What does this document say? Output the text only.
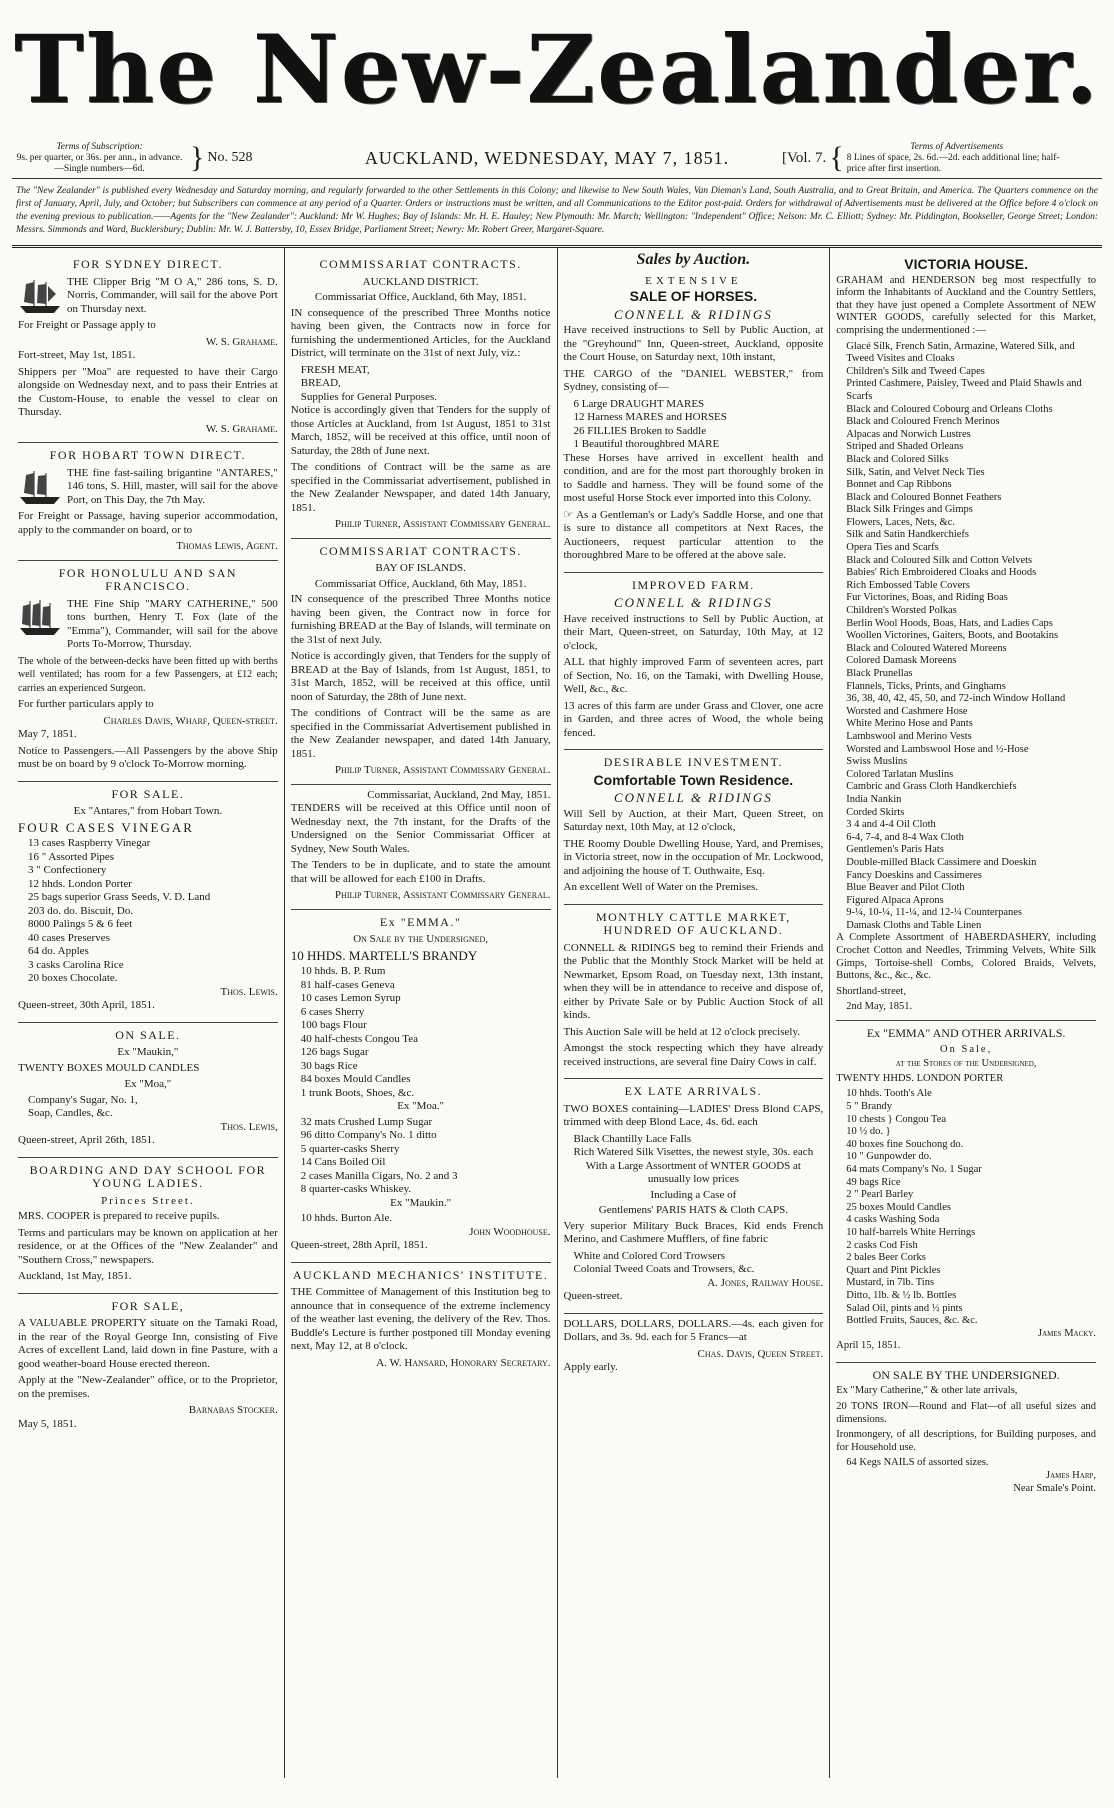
The New-Zealander.
Terms of Subscription:
9s. per quarter, or 36s. per ann., in advance.—Single numbers—6d.	} No. 528	AUCKLAND, WEDNESDAY, MAY 7, 1851.	[Vol. 7. {	Terms of Advertisements
8 Lines of space, 2s. 6d.—2d. each additional line; half-price after first insertion.
The "New Zealander" is published every Wednesday and Saturday morning, and regularly forwarded to the other Settlements in this Colony; and likewise to New South Wales, Van Dieman's Land, South Australia, and to Great Britain, and America. The Quarters commence on the first of January, April, July, and October; but Subscribers can commence at any period of a Quarter. Orders or instructions must be written, and all Communications to the Editor post-paid. Orders for withdrawal of Advertisements must be delivered at the Office before 4 o'clock on the evening previous to publication.——Agents for the "New Zealander": Auckland: Mr W. Hughes; Bay of Islands: Mr. H. E. Hauley; New Plymouth: Mr. March; Wellington: "Independent" Office; Nelson: Mr. C. Elliott; Sydney: Mr. Piddington, Bookseller, George Street; London: Messrs. Simmonds and Ward, Bucklersbury; Dublin: Mr. W. J. Battersby, 10, Essex Bridge, Parliament Street; Newry: Mr. Robert Greer, Margaret-Square.
FOR SYDNEY DIRECT.

THE Clipper Brig "M O A," 286 tons, S. D. Norris, Commander, will sail for the above Port on Thursday next.

For Freight or Passage apply to

W. S. Grahame.

Fort-street, May 1st, 1851.

Shippers per "Moa" are requested to have their Cargo alongside on Wednesday next, and to pass their Entries at the Custom-House, to enable the vessel to clear on Thursday.

W. S. Grahame.

FOR HOBART TOWN DIRECT.

THE fine fast-sailing brigantine "ANTARES," 146 tons, S. Hill, master, will sail for the above Port, on This Day, the 7th May.

For Freight or Passage, having superior accommodation, apply to the commander on board, or to

Thomas Lewis, Agent.

FOR HONOLULU AND SAN FRANCISCO.

THE Fine Ship "MARY CATHERINE," 500 tons burthen, Henry T. Fox (late of the "Emma"), Commander, will sail for the above Ports To-Morrow, Thursday.

The whole of the between-decks have been fitted up with berths well ventilated; has room for a few Passengers, at £12 each; carries an experienced Surgeon.

For further particulars apply to

Charles Davis, Wharf, Queen-street.

May 7, 1851.

Notice to Passengers.—All Passengers by the above Ship must be on board by 9 o'clock To-Morrow morning.

FOR SALE.

Ex "Antares," from Hobart Town.

FOUR CASES VINEGAR

13 cases Raspberry Vinegar

16 " Assorted Pipes

3 " Confectionery

12 hhds. London Porter

25 bags superior Grass Seeds, V. D. Land

203 do. do. Biscuit, Do.

8000 Palings 5 & 6 feet

40 cases Preserves

64 do. Apples

3 casks Carolina Rice

20 boxes Chocolate.

Thos. Lewis.

Queen-street, 30th April, 1851.

ON SALE.

Ex "Maukin,"

TWENTY BOXES MOULD CANDLES

Ex "Moa,"

Company's Sugar, No. 1,

Soap, Candles, &c.

Thos. Lewis,

Queen-street, April 26th, 1851.

BOARDING AND DAY SCHOOL FOR YOUNG LADIES.

Princes Street.

MRS. COOPER is prepared to receive pupils.

Terms and particulars may be known on application at her residence, or at the Offices of the "New Zealander" and "Southern Cross," newspapers.

Auckland, 1st May, 1851.

FOR SALE,

A VALUABLE PROPERTY situate on the Tamaki Road, in the rear of the Royal George Inn, consisting of Five Acres of excellent Land, laid down in fine Pasture, with a good weather-board House erected thereon.

Apply at the "New-Zealander" office, or to the Proprietor, on the premises.

Barnabas Stocker.

May 5, 1851.

COMMISSARIAT CONTRACTS.

AUCKLAND DISTRICT.

Commissariat Office, Auckland, 6th May, 1851.

IN consequence of the prescribed Three Months notice having been given, the Contracts now in force for furnishing the undermentioned Articles, for the Auckland District, will terminate on the 31st of next July, viz.:

FRESH MEAT,

BREAD,

Supplies for General Purposes.

Notice is accordingly given that Tenders for the supply of those Articles at Auckland, from 1st August, 1851 to 31st March, 1852, will be received at this office, until noon of Saturday, the 28th of June next.

The conditions of Contract will be the same as are specified in the Commissariat advertisement, published in the New Zealander Newspaper, and dated 14th January, 1851.

Philip Turner, Assistant Commissary General.

COMMISSARIAT CONTRACTS.

BAY OF ISLANDS.

Commissariat Office, Auckland, 6th May, 1851.

IN consequence of the prescribed Three Months notice having been given, the Contract now in force for furnishing BREAD at the Bay of Islands, will terminate on the 31st of next July.

Notice is accordingly given, that Tenders for the supply of BREAD at the Bay of Islands, from 1st August, 1851, to 31st March, 1852, will be received at this office, until noon of Saturday, the 28th of June next.

The conditions of Contract will be the same as are specified in the Commissariat Advertisement published in the New Zealander newspaper, and dated 14th January, 1851.

Philip Turner, Assistant Commissary General.

Commissariat, Auckland, 2nd May, 1851.

TENDERS will be received at this Office until noon of Wednesday next, the 7th instant, for the Drafts of the Undersigned on the Senior Commissariat Officer at Sydney, New South Wales.

The Tenders to be in duplicate, and to state the amount that will be allowed for each £100 in Drafts.

Philip Turner, Assistant Commissary General.

Ex "EMMA."

On Sale by the Undersigned,

10 HHDS. MARTELL'S BRANDY

10 hhds. B. P. Rum

81 half-cases Geneva

10 cases Lemon Syrup

6 cases Sherry

100 bags Flour

40 half-chests Congou Tea

126 bags Sugar

30 bags Rice

84 boxes Mould Candles

1 trunk Boots, Shoes, &c.

Ex "Moa."

32 mats Crushed Lump Sugar

96 ditto Company's No. 1 ditto

5 quarter-casks Sherry

14 Cans Boiled Oil

2 cases Manilla Cigars, No. 2 and 3

8 quarter-casks Whiskey.

Ex "Maukin."

10 hhds. Burton Ale.

John Woodhouse.

Queen-street, 28th April, 1851.

AUCKLAND MECHANICS' INSTITUTE.

THE Committee of Management of this Institution beg to announce that in consequence of the extreme inclemency of the weather last evening, the delivery of the Rev. Thos. Buddle's Lecture is further postponed till Monday evening next, May 12, at 8 o'clock.

A. W. Hansard, Honorary Secretary.

Sales by Auction.

EXTENSIVE

SALE OF HORSES.
CONNELL & RIDINGS

Have received instructions to Sell by Public Auction, at the "Greyhound" Inn, Queen-street, Auckland, opposite the Court House, on Saturday next, 10th instant,

THE CARGO of the "DANIEL WEBSTER," from Sydney, consisting of—

6 Large DRAUGHT MARES

12 Harness MARES and HORSES

26 FILLIES Broken to Saddle

1 Beautiful thoroughbred MARE

These Horses have arrived in excellent health and condition, and are for the most part thoroughly broken in to Saddle and harness. They will be found some of the most useful Horse Stock ever imported into this Colony.

☞ As a Gentleman's or Lady's Saddle Horse, and one that is sure to distance all competitors at Next Races, the Auctioneers, request particular attention to the thoroughbred Mare to be offered at the above sale.

IMPROVED FARM.
CONNELL & RIDINGS

Have received instructions to Sell by Public Auction, at their Mart, Queen-street, on Saturday, 10th May, at 12 o'clock,

ALL that highly improved Farm of seventeen acres, part of Section, No. 16, on the Tamaki, with Dwelling House, Well, &c., &c.

13 acres of this farm are under Grass and Clover, one acre in Garden, and three acres of Wood, the whole being fenced.

DESIRABLE INVESTMENT.
Comfortable Town Residence.
CONNELL & RIDINGS

Will Sell by Auction, at their Mart, Queen Street, on Saturday next, 10th May, at 12 o'clock,

THE Roomy Double Dwelling House, Yard, and Premises, in Victoria street, now in the occupation of Mr. Lockwood, and adjoining the house of T. Outhwaite, Esq.

An excellent Well of Water on the Premises.

MONTHLY CATTLE MARKET, HUNDRED OF AUCKLAND.

CONNELL & RIDINGS beg to remind their Friends and the Public that the Monthly Stock Market will be held at Newmarket, Epsom Road, on Tuesday next, 13th instant, when they will be in attendance to receive and dispose of, either by Private Sale or by Public Auction Stock of all kinds.

This Auction Sale will be held at 12 o'clock precisely.

Amongst the stock respecting which they have already received instructions, are several fine Dairy Cows in calf.

EX LATE ARRIVALS.

TWO BOXES containing—LADIES' Dress Blond CAPS, trimmed with deep Blond Lace, 4s. 6d. each

Black Chantilly Lace Falls

Rich Watered Silk Visettes, the newest style, 30s. each

With a Large Assortment of WNTER GOODS at unusually low prices

Including a Case of

Gentlemens' PARIS HATS & Cloth CAPS.

Very superior Military Buck Braces, Kid ends French Merino, and Cashmere Mufflers, of fine fabric

White and Colored Cord Trowsers

Colonial Tweed Coats and Trowsers, &c.

A. Jones, Railway House.

Queen-street.

DOLLARS, DOLLARS, DOLLARS.—4s. each given for Dollars, and 3s. 9d. each for 5 Francs—at

Chas. Davis, Queen Street.

Apply early.

VICTORIA HOUSE.

GRAHAM and HENDERSON beg most respectfully to inform the Inhabitants of Auckland and the Country Settlers, that they have just opened a Complete Assortment of NEW WINTER GOODS, carefully selected for this Market, comprising the undermentioned :—

Glacé Silk, French Satin, Armazine, Watered Silk, and Tweed Visites and Cloaks

Children's Silk and Tweed Capes

Printed Cashmere, Paisley, Tweed and Plaid Shawls and Scarfs

Black and Coloured Cobourg and Orleans Cloths

Black and Coloured French Merinos

Alpacas and Norwich Lustres

Striped and Shaded Orleans

Black and Colored Silks

Silk, Satin, and Velvet Neck Ties

Bonnet and Cap Ribbons

Black and Coloured Bonnet Feathers

Black Silk Fringes and Gimps

Flowers, Laces, Nets, &c.

Silk and Satin Handkerchiefs

Opera Ties and Scarfs

Black and Coloured Silk and Cotton Velvets

Babies' Rich Embroidered Cloaks and Hoods

Rich Embossed Table Covers

Fur Victorines, Boas, and Riding Boas

Children's Worsted Polkas

Berlin Wool Hoods, Boas, Hats, and Ladies Caps

Woollen Victorines, Gaiters, Boots, and Bootakins

Black and Coloured Watered Moreens

Colored Damask Moreens

Black Prunellas

Flannels, Ticks, Prints, and Ginghams

36, 38, 40, 42, 45, 50, and 72-inch Window Holland

Worsted and Cashmere Hose

White Merino Hose and Pants

Lambswool and Merino Vests

Worsted and Lambswool Hose and ½-Hose

Swiss Muslins

Colored Tarlatan Muslins

Cambric and Grass Cloth Handkerchiefs

India Nankin

Corded Skirts

3 4 and 4-4 Oil Cloth

6-4, 7-4, and 8-4 Wax Cloth

Gentlemen's Paris Hats

Double-milled Black Cassimere and Doeskin

Fancy Doeskins and Cassimeres

Blue Beaver and Pilot Cloth

Figured Alpaca Aprons

9-¼, 10-¼, 11-¼, and 12-¼ Counterpanes

Damask Cloths and Table Linen

A Complete Assortment of HABERDASHERY, including Crochet Cotton and Needles, Trimming Velvets, White Silk Gimps, Tortoise-shell Combs, Colored Braids, Velvets, Buttons, &c., &c., &c.

Shortland-street,

2nd May, 1851.

Ex "EMMA" AND OTHER ARRIVALS.

On Sale,

at the Stores of the Undersigned,

TWENTY HHDS. LONDON PORTER

10 hhds. Tooth's Ale

5 " Brandy

10 chests } Congou Tea

10 ½ do. }

40 boxes fine Souchong do.

10 " Gunpowder do.

64 mats Company's No. 1 Sugar

49 bags Rice

2 " Pearl Barley

25 boxes Mould Candles

4 casks Washing Soda

10 half-barrels White Herrings

2 casks Cod Fish

2 bales Beer Corks

Quart and Pint Pickles

Mustard, in 7lb. Tins

Ditto, 1lb. & ½ lb. Bottles

Salad Oil, pints and ½ pints

Bottled Fruits, Sauces, &c. &c.

James Macky.

April 15, 1851.

ON SALE BY THE UNDERSIGNED.

Ex "Mary Catherine," & other late arrivals,

20 TONS IRON—Round and Flat—of all useful sizes and dimensions.

Ironmongery, of all descriptions, for Building purposes, and for Household use.

64 Kegs NAILS of assorted sizes.

James Harp,

Near Smale's Point.
